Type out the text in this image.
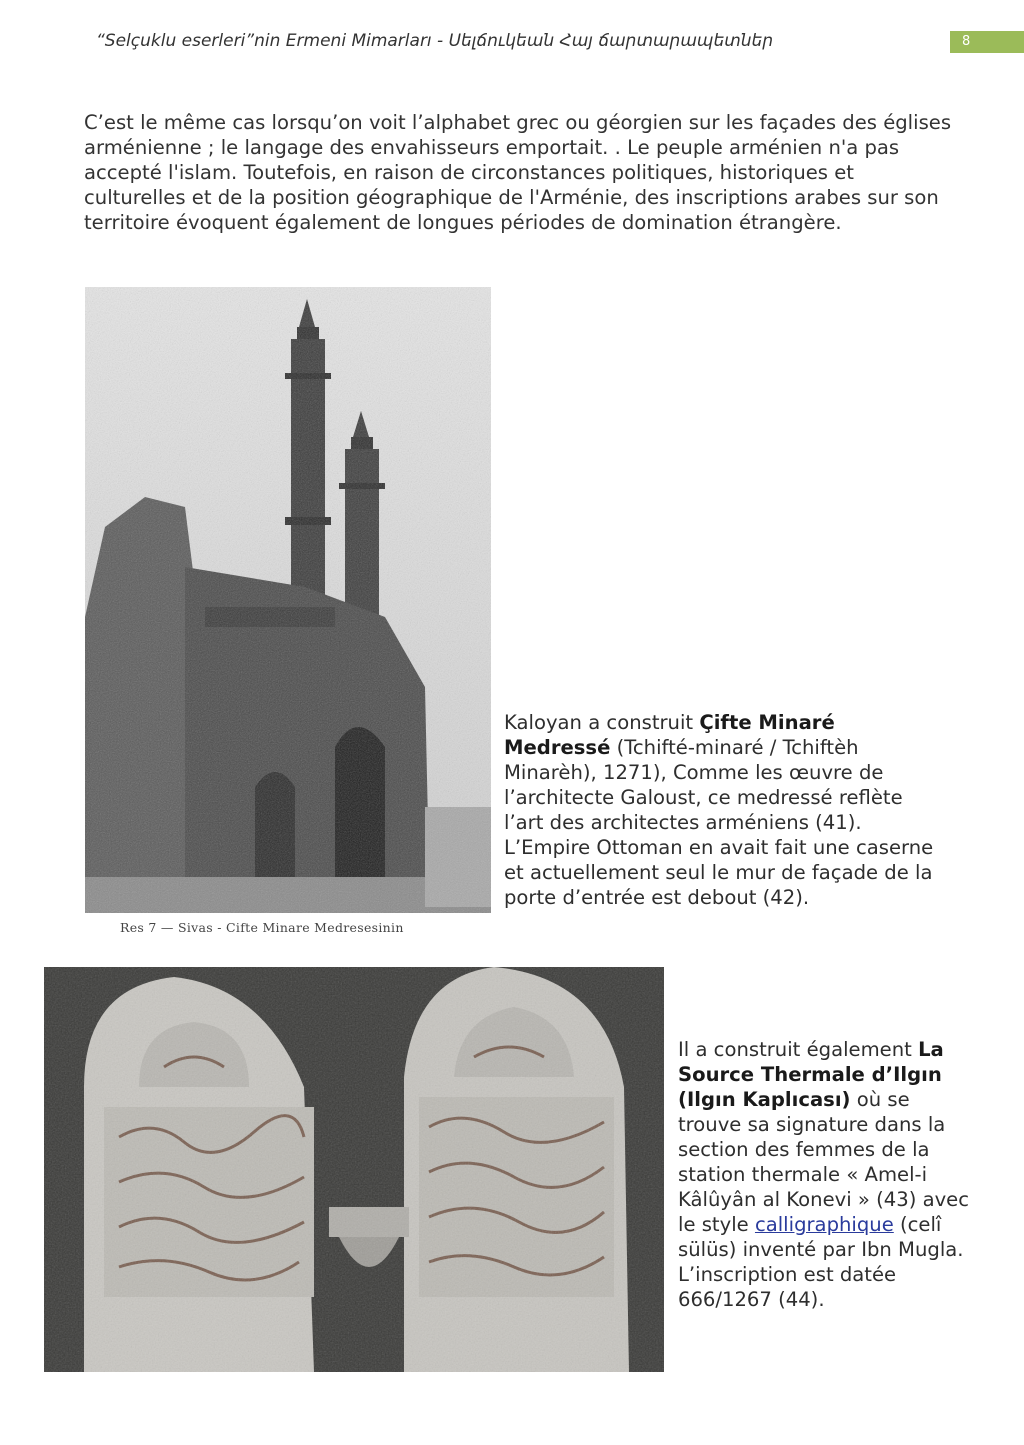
“Selçuklu eserleri”nin Ermeni Mimarları - Սելճուկեան Հայ ճարտարապետներ	8

C’est le même cas lorsqu’on voit l’alphabet grec ou géorgien sur les façades des églises arménienne ; le langage des envahisseurs emportait. . Le peuple arménien n'a pas accepté l'islam. Toutefois, en raison de circonstances politiques, historiques et culturelles et de la position géographique de l'Arménie, des inscriptions arabes sur son territoire évoquent également de longues périodes de domination étrangère.

Res 7 — Sivas - Cifte Minare Medresesinin

Kaloyan a construit Çifte Minaré Medressé (Tchifté-minaré / Tchiftèh Minarèh), 1271), Comme les œuvre de l’architecte Galoust, ce medressé reflète l’art des architectes arméniens (41). L’Empire Ottoman en avait fait une caserne et actuellement seul le mur de façade de la porte d’entrée est debout (42).

Il a construit également La Source Thermale d’Ilgın (Ilgın Kaplıcası) où se trouve sa signature dans la section des femmes de la station thermale « Amel-i Kâlûyân al Konevi » (43) avec le style calligraphique (celî sülüs) inventé par Ibn Mugla. L’inscription est datée 666/1267 (44).
